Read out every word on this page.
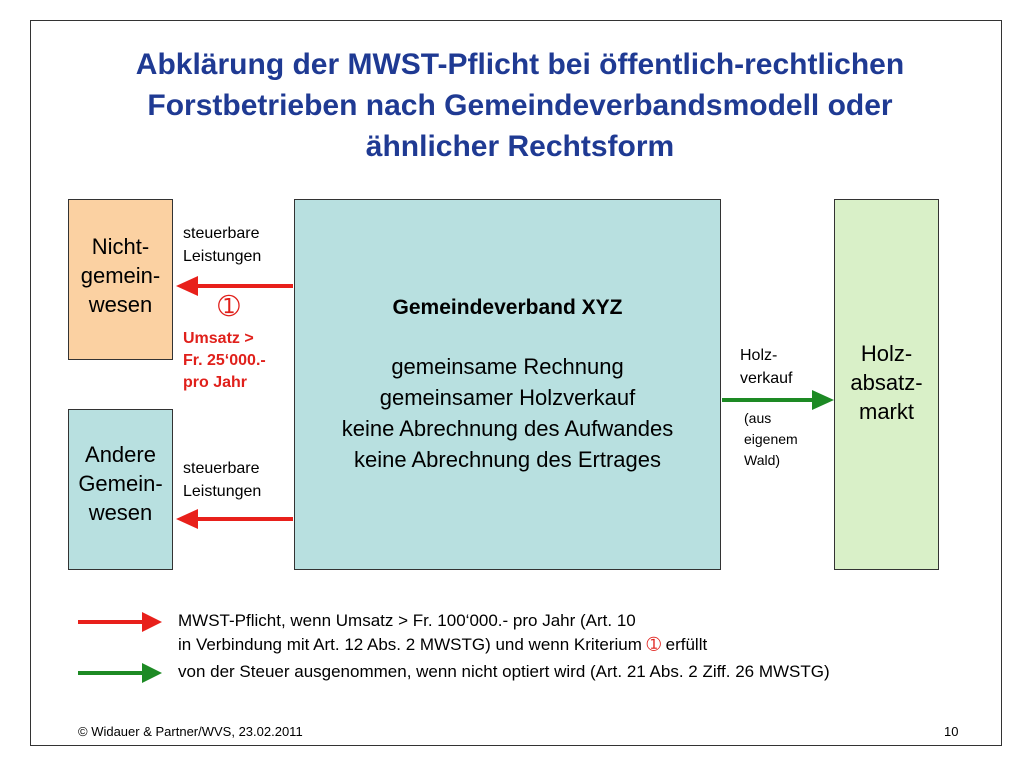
Abklärung der MWST-Pflicht bei öffentlich-rechtlichen
Forstbetrieben nach Gemeindeverbandsmodell oder
ähnlicher Rechtsform
Nicht-
gemein-
wesen
Andere
Gemein-
wesen
Gemeindeverband XYZ
gemeinsame Rechnung
gemeinsamer Holzverkauf
keine Abrechnung des Aufwandes
keine Abrechnung des Ertrages
Holz-
absatz-
markt
steuerbare
Leistungen
➀
Umsatz >
Fr. 25‘000.-
pro Jahr
steuerbare
Leistungen
Holz-
verkauf
(aus
eigenem
Wald)
MWST-Pflicht, wenn Umsatz > Fr. 100‘000.- pro Jahr (Art. 10
in Verbindung mit Art. 12 Abs. 2 MWSTG) und wenn Kriterium ➀ erfüllt
von der Steuer ausgenommen, wenn nicht optiert wird (Art. 21 Abs. 2 Ziff. 26 MWSTG)
© Widauer & Partner/WVS, 23.02.2011	10
